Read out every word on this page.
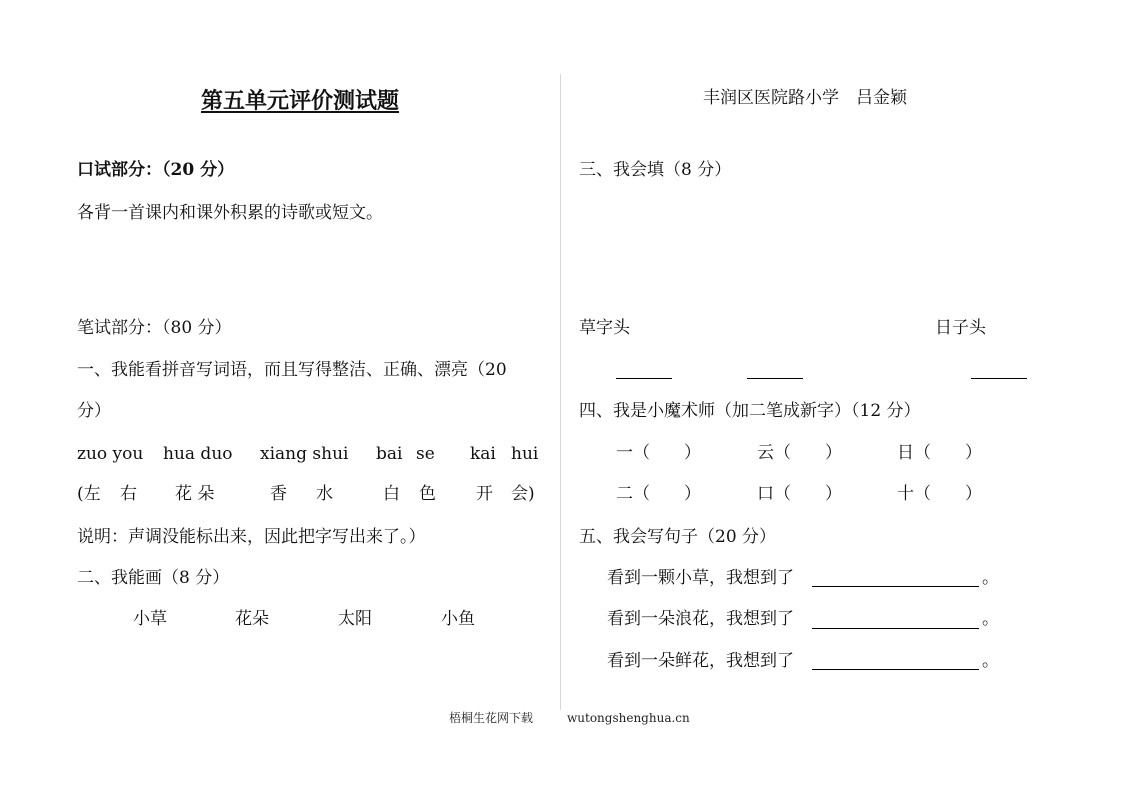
第五单元评价测试题	丰润区医院路小学　吕金颖
口试部分：（20 分）
各背一首课内和课外积累的诗歌或短文。
笔试部分：（80 分）
一、我能看拼音写词语，而且写得整洁、正确、漂亮（20
分）
zuo you hua duo xiang shui bai se kai hui
(左 右 花 朵	香 水	白 色 开 会)
说明：声调没能标出来，因此把字写出来了。）
二、我能画（8 分）
小草	花朵	太阳	小鱼
三、我会填（8 分）
草字头	日子头
四、我是小魔术师（加二笔成新字）（12 分）
一（　　）	云（　　）	日（　　）
二（　　）	口（　　）	十（　　）
五、我会写句子（20 分）
看到一颗小草，我想到了	。
看到一朵浪花，我想到了	。
看到一朵鲜花，我想到了	。
梧桐生花网下载	wutongshenghua.cn
